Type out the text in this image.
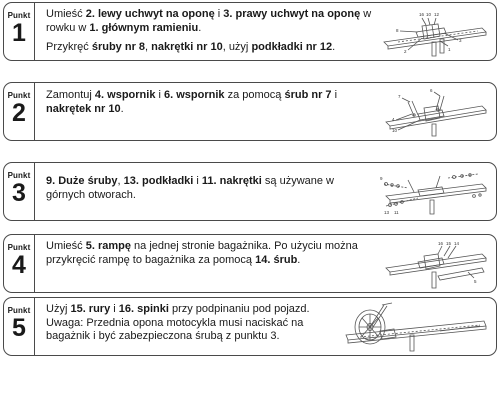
Punkt
1

Umieść 2. lewy uchwyt na oponę i 3. prawy uchwyt na oponę w rowku w 1. głównym ramieniu.

Przykręć śruby nr 8, nakrętki nr 10, użyj podkładki nr 12.

16 10 12
8
2
3
1
Punkt
2

Zamontuj 4. wspornik i 6. wspornik za pomocą śrub nr 7 i nakrętek nr 10.

7
6
4
10
Punkt
3	9. Duże śruby, 13. podkładki i 11. nakrętki są używane w górnych otworach.

9
13 11
Punkt
4

Umieść 5. rampę na jednej stronie bagażnika. Po użyciu można przykręcić rampę to bagażnika za pomocą 14. śrub.

16 15 14
5
Punkt
5

Użyj 15. rury i 16. spinki przy podpinaniu pod pojazd. Uwaga: Przednia opona motocykla musi naciskać na bagażnik i być zabezpieczona śrubą z punktu 3.
